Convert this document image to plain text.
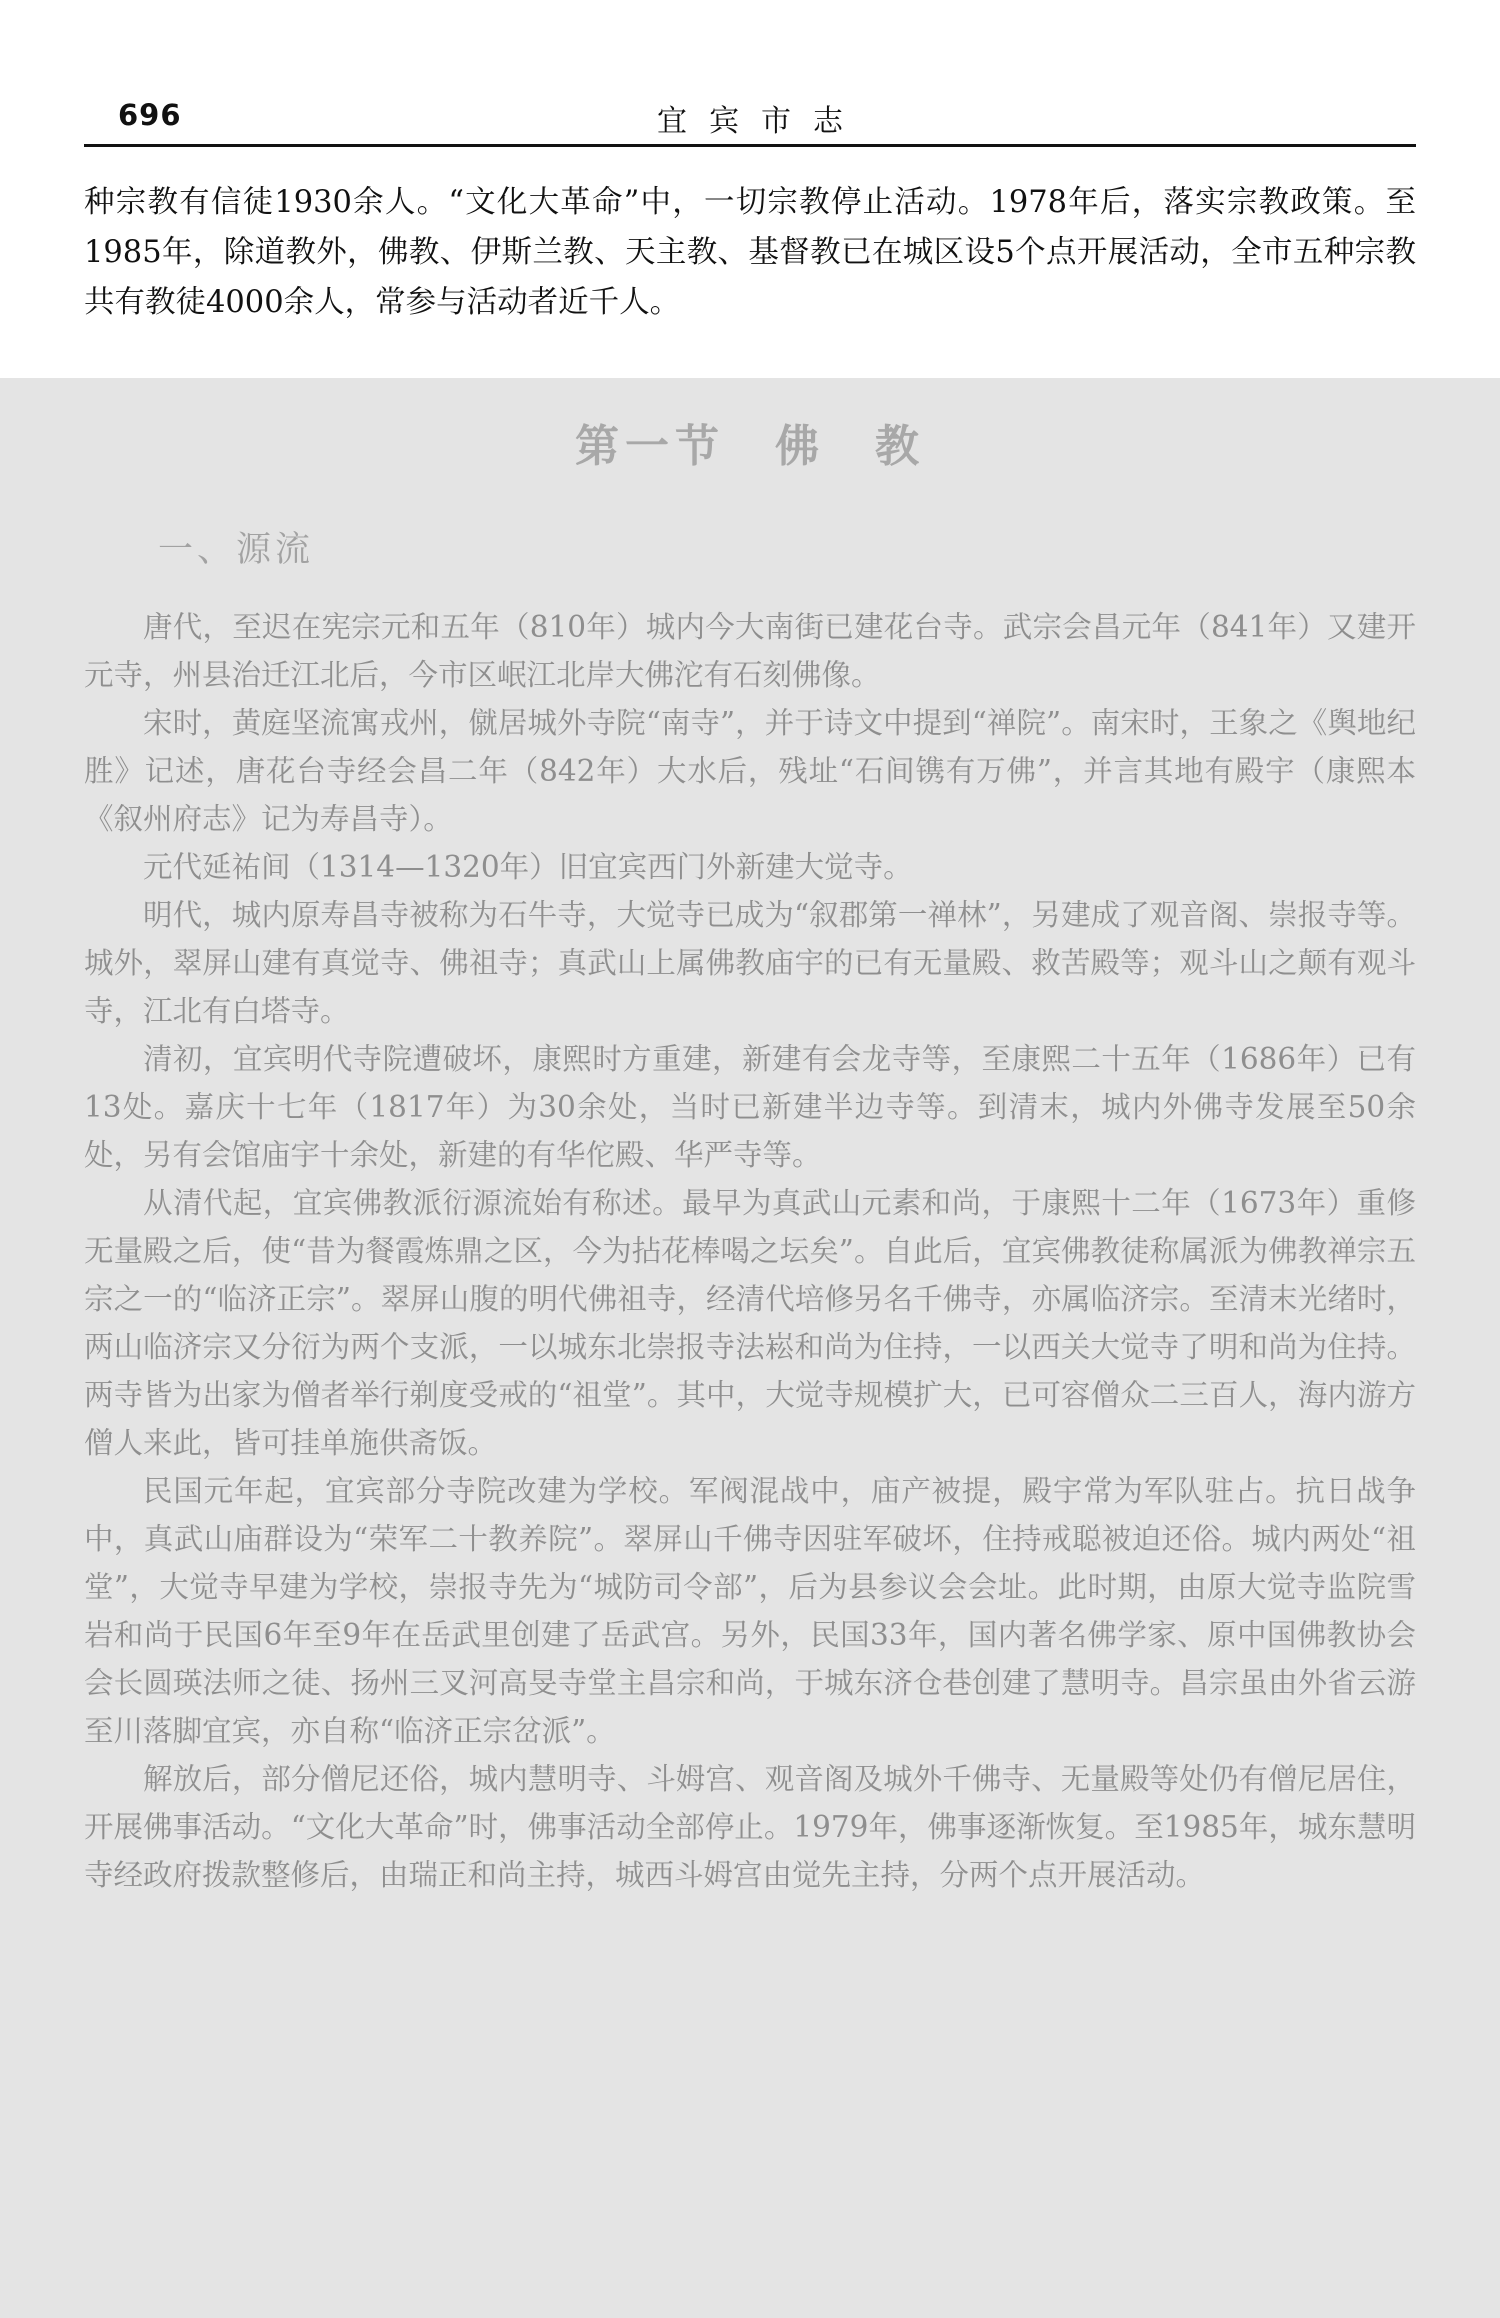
696	宜宾市志

种宗教有信徒1930余人。“文化大革命”中，一切宗教停止活动。1978年后，落实宗教政策。至1985年，除道教外，佛教、伊斯兰教、天主教、基督教已在城区设5个点开展活动，全市五种宗教共有教徒4000余人，常参与活动者近千人。

第一节　佛　教
一、源流

唐代，至迟在宪宗元和五年（810年）城内今大南街已建花台寺。武宗会昌元年（841年）又建开元寺，州县治迁江北后，今市区岷江北岸大佛沱有石刻佛像。

宋时，黄庭坚流寓戎州，僦居城外寺院“南寺”，并于诗文中提到“禅院”。南宋时，王象之《舆地纪胜》记述，唐花台寺经会昌二年（842年）大水后，残址“石间镌有万佛”，并言其地有殿宇（康熙本《叙州府志》记为寿昌寺）。

元代延祐间（1314—1320年）旧宜宾西门外新建大觉寺。

明代，城内原寿昌寺被称为石牛寺，大觉寺已成为“叙郡第一禅林”，另建成了观音阁、崇报寺等。城外，翠屏山建有真觉寺、佛祖寺；真武山上属佛教庙宇的已有无量殿、救苦殿等；观斗山之颠有观斗寺，江北有白塔寺。

清初，宜宾明代寺院遭破坏，康熙时方重建，新建有会龙寺等，至康熙二十五年（1686年）已有13处。嘉庆十七年（1817年）为30余处，当时已新建半边寺等。到清末，城内外佛寺发展至50余处，另有会馆庙宇十余处，新建的有华佗殿、华严寺等。

从清代起，宜宾佛教派衍源流始有称述。最早为真武山元素和尚，于康熙十二年（1673年）重修无量殿之后，使“昔为餐霞炼鼎之区，今为拈花棒喝之坛矣”。自此后，宜宾佛教徒称属派为佛教禅宗五宗之一的“临济正宗”。翠屏山腹的明代佛祖寺，经清代培修另名千佛寺，亦属临济宗。至清末光绪时，两山临济宗又分衍为两个支派，一以城东北崇报寺法崧和尚为住持，一以西关大觉寺了明和尚为住持。两寺皆为出家为僧者举行剃度受戒的“祖堂”。其中，大觉寺规模扩大，已可容僧众二三百人，海内游方僧人来此，皆可挂单施供斋饭。

民国元年起，宜宾部分寺院改建为学校。军阀混战中，庙产被提，殿宇常为军队驻占。抗日战争中，真武山庙群设为“荣军二十教养院”。翠屏山千佛寺因驻军破坏，住持戒聪被迫还俗。城内两处“祖堂”，大觉寺早建为学校，崇报寺先为“城防司令部”，后为县参议会会址。此时期，由原大觉寺监院雪岩和尚于民国6年至9年在岳武里创建了岳武宫。另外，民国33年，国内著名佛学家、原中国佛教协会会长圆瑛法师之徒、扬州三叉河高旻寺堂主昌宗和尚，于城东济仓巷创建了慧明寺。昌宗虽由外省云游至川落脚宜宾，亦自称“临济正宗岔派”。

解放后，部分僧尼还俗，城内慧明寺、斗姆宫、观音阁及城外千佛寺、无量殿等处仍有僧尼居住，开展佛事活动。“文化大革命”时，佛事活动全部停止。1979年，佛事逐渐恢复。至1985年，城东慧明寺经政府拨款整修后，由瑞正和尚主持，城西斗姆宫由觉先主持，分两个点开展活动。
